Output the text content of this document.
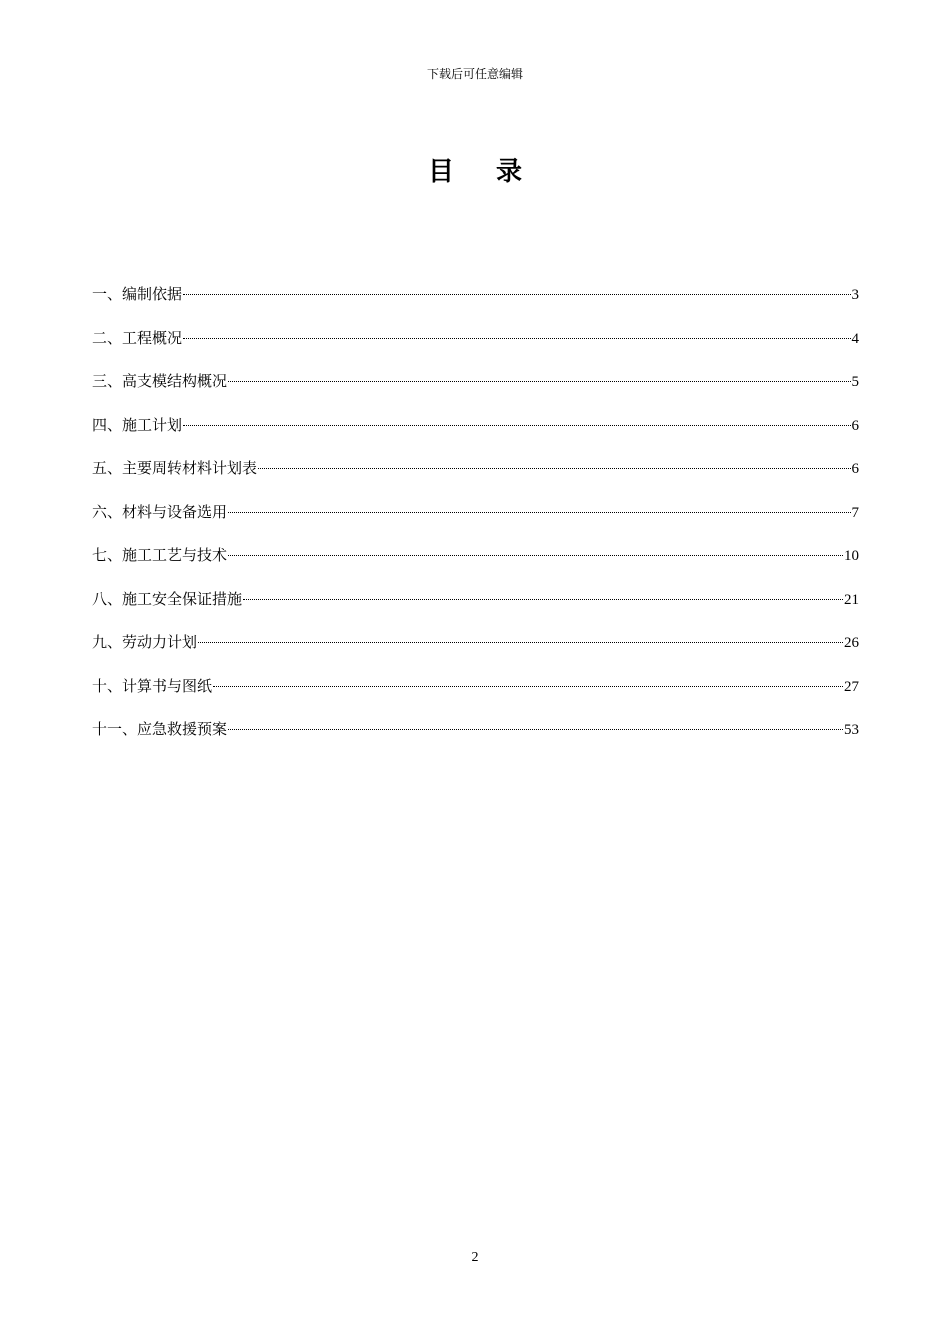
下载后可任意编辑
目录
一、编制依据	3
二、工程概况	4
三、高支模结构概况	5
四、施工计划	6
五、主要周转材料计划表	6
六、材料与设备选用	7
七、施工工艺与技术	10
八、施工安全保证措施	21
九、劳动力计划	26
十、计算书与图纸	27
十一、应急救援预案	53
2
